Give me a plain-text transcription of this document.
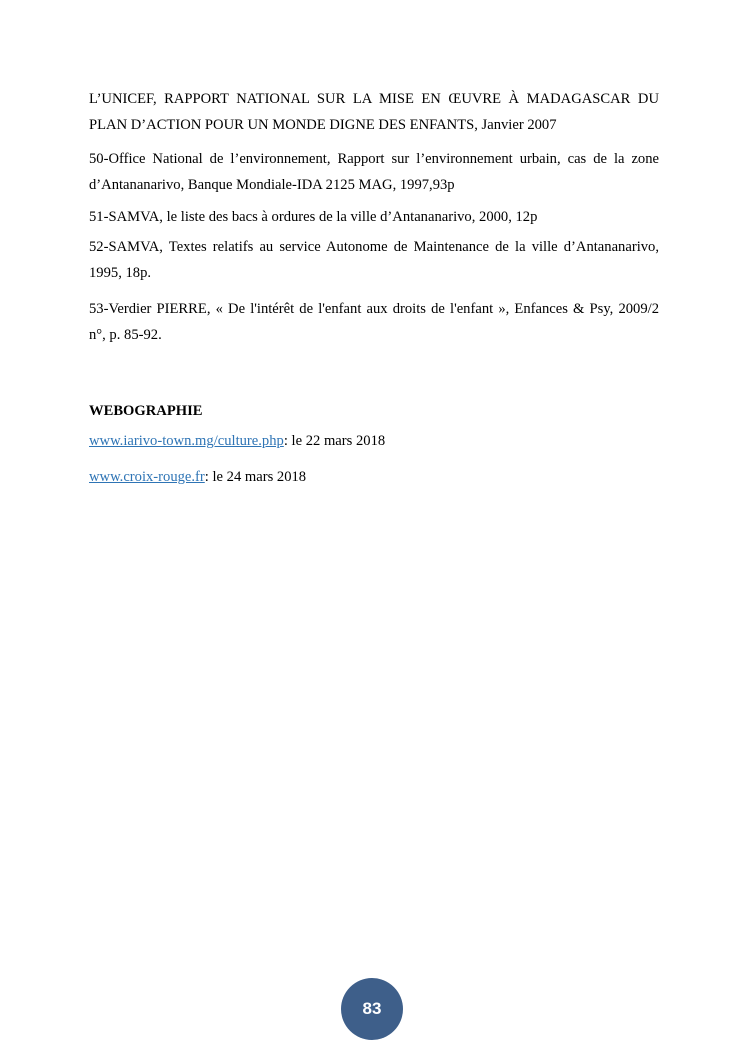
L’UNICEF, RAPPORT NATIONAL SUR LA MISE EN ŒUVRE À MADAGASCAR DU
PLAN D’ACTION POUR UN MONDE DIGNE DES ENFANTS, Janvier 2007
50-Office National de l’environnement, Rapport sur l’environnement urbain, cas de la zone
d’Antananarivo, Banque Mondiale-IDA 2125 MAG, 1997,93p
51-SAMVA, le liste des bacs à ordures de la ville d’Antananarivo, 2000, 12p
52-SAMVA, Textes relatifs au service Autonome de Maintenance de la ville d’Antananarivo,
1995, 18p.
53-Verdier PIERRE, « De l'intérêt de l'enfant aux droits de l'enfant », Enfances & Psy, 2009/2
n°, p. 85-92.
WEBOGRAPHIE
www.iarivo-town.mg/culture.php: le 22 mars 2018
www.croix-rouge.fr: le 24 mars 2018
83
